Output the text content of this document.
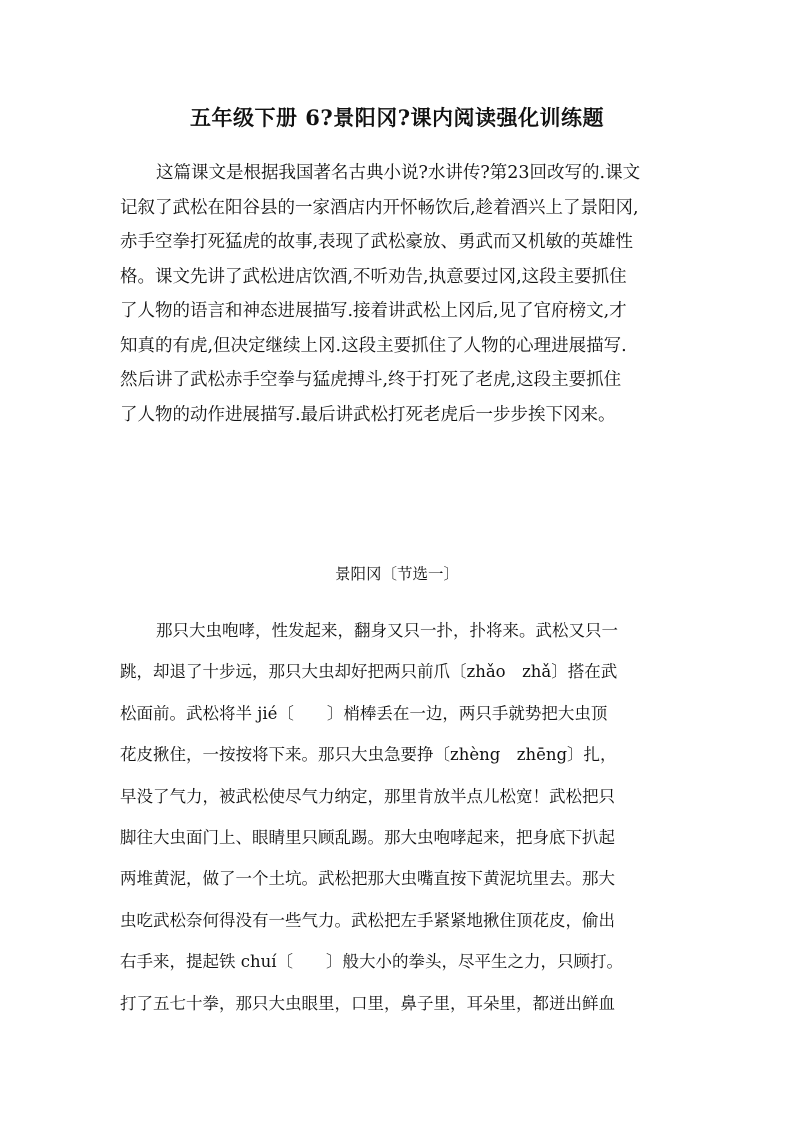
五年级下册 6?景阳冈?课内阅读强化训练题
这篇课文是根据我国著名古典小说?水讲传?第23回改写的.课文
记叙了武松在阳谷县的一家酒店内开怀畅饮后,趁着酒兴上了景阳冈,
赤手空拳打死猛虎的故事,表现了武松豪放、勇武而又机敏的英雄性
格。课文先讲了武松进店饮酒,不听劝告,执意要过冈,这段主要抓住
了人物的语言和神态进展描写.接着讲武松上冈后,见了官府榜文,才
知真的有虎,但决定继续上冈.这段主要抓住了人物的心理进展描写.
然后讲了武松赤手空拳与猛虎搏斗,终于打死了老虎,这段主要抓住
了人物的动作进展描写.最后讲武松打死老虎后一步步挨下冈来。
景阳冈〔节选一〕
那只大虫咆哮，性发起来，翻身又只一扑，扑将来。武松又只一
跳，却退了十步远，那只大虫却好把两只前爪〔zhǎo　zhǎ〕搭在武
松面前。武松将半 jié〔　　〕梢棒丢在一边，两只手就势把大虫顶
花皮揪住，一按按将下来。那只大虫急要挣〔zhèng　zhēng〕扎，
早没了气力，被武松使尽气力纳定，那里肯放半点儿松宽！武松把只
脚往大虫面门上、眼睛里只顾乱踢。那大虫咆哮起来，把身底下扒起
两堆黄泥，做了一个土坑。武松把那大虫嘴直按下黄泥坑里去。那大
虫吃武松奈何得没有一些气力。武松把左手紧紧地揪住顶花皮，偷出
右手来，提起铁 chuí〔　　〕般大小的拳头，尽平生之力，只顾打。
打了五七十拳，那只大虫眼里，口里，鼻子里，耳朵里，都迸出鲜血
